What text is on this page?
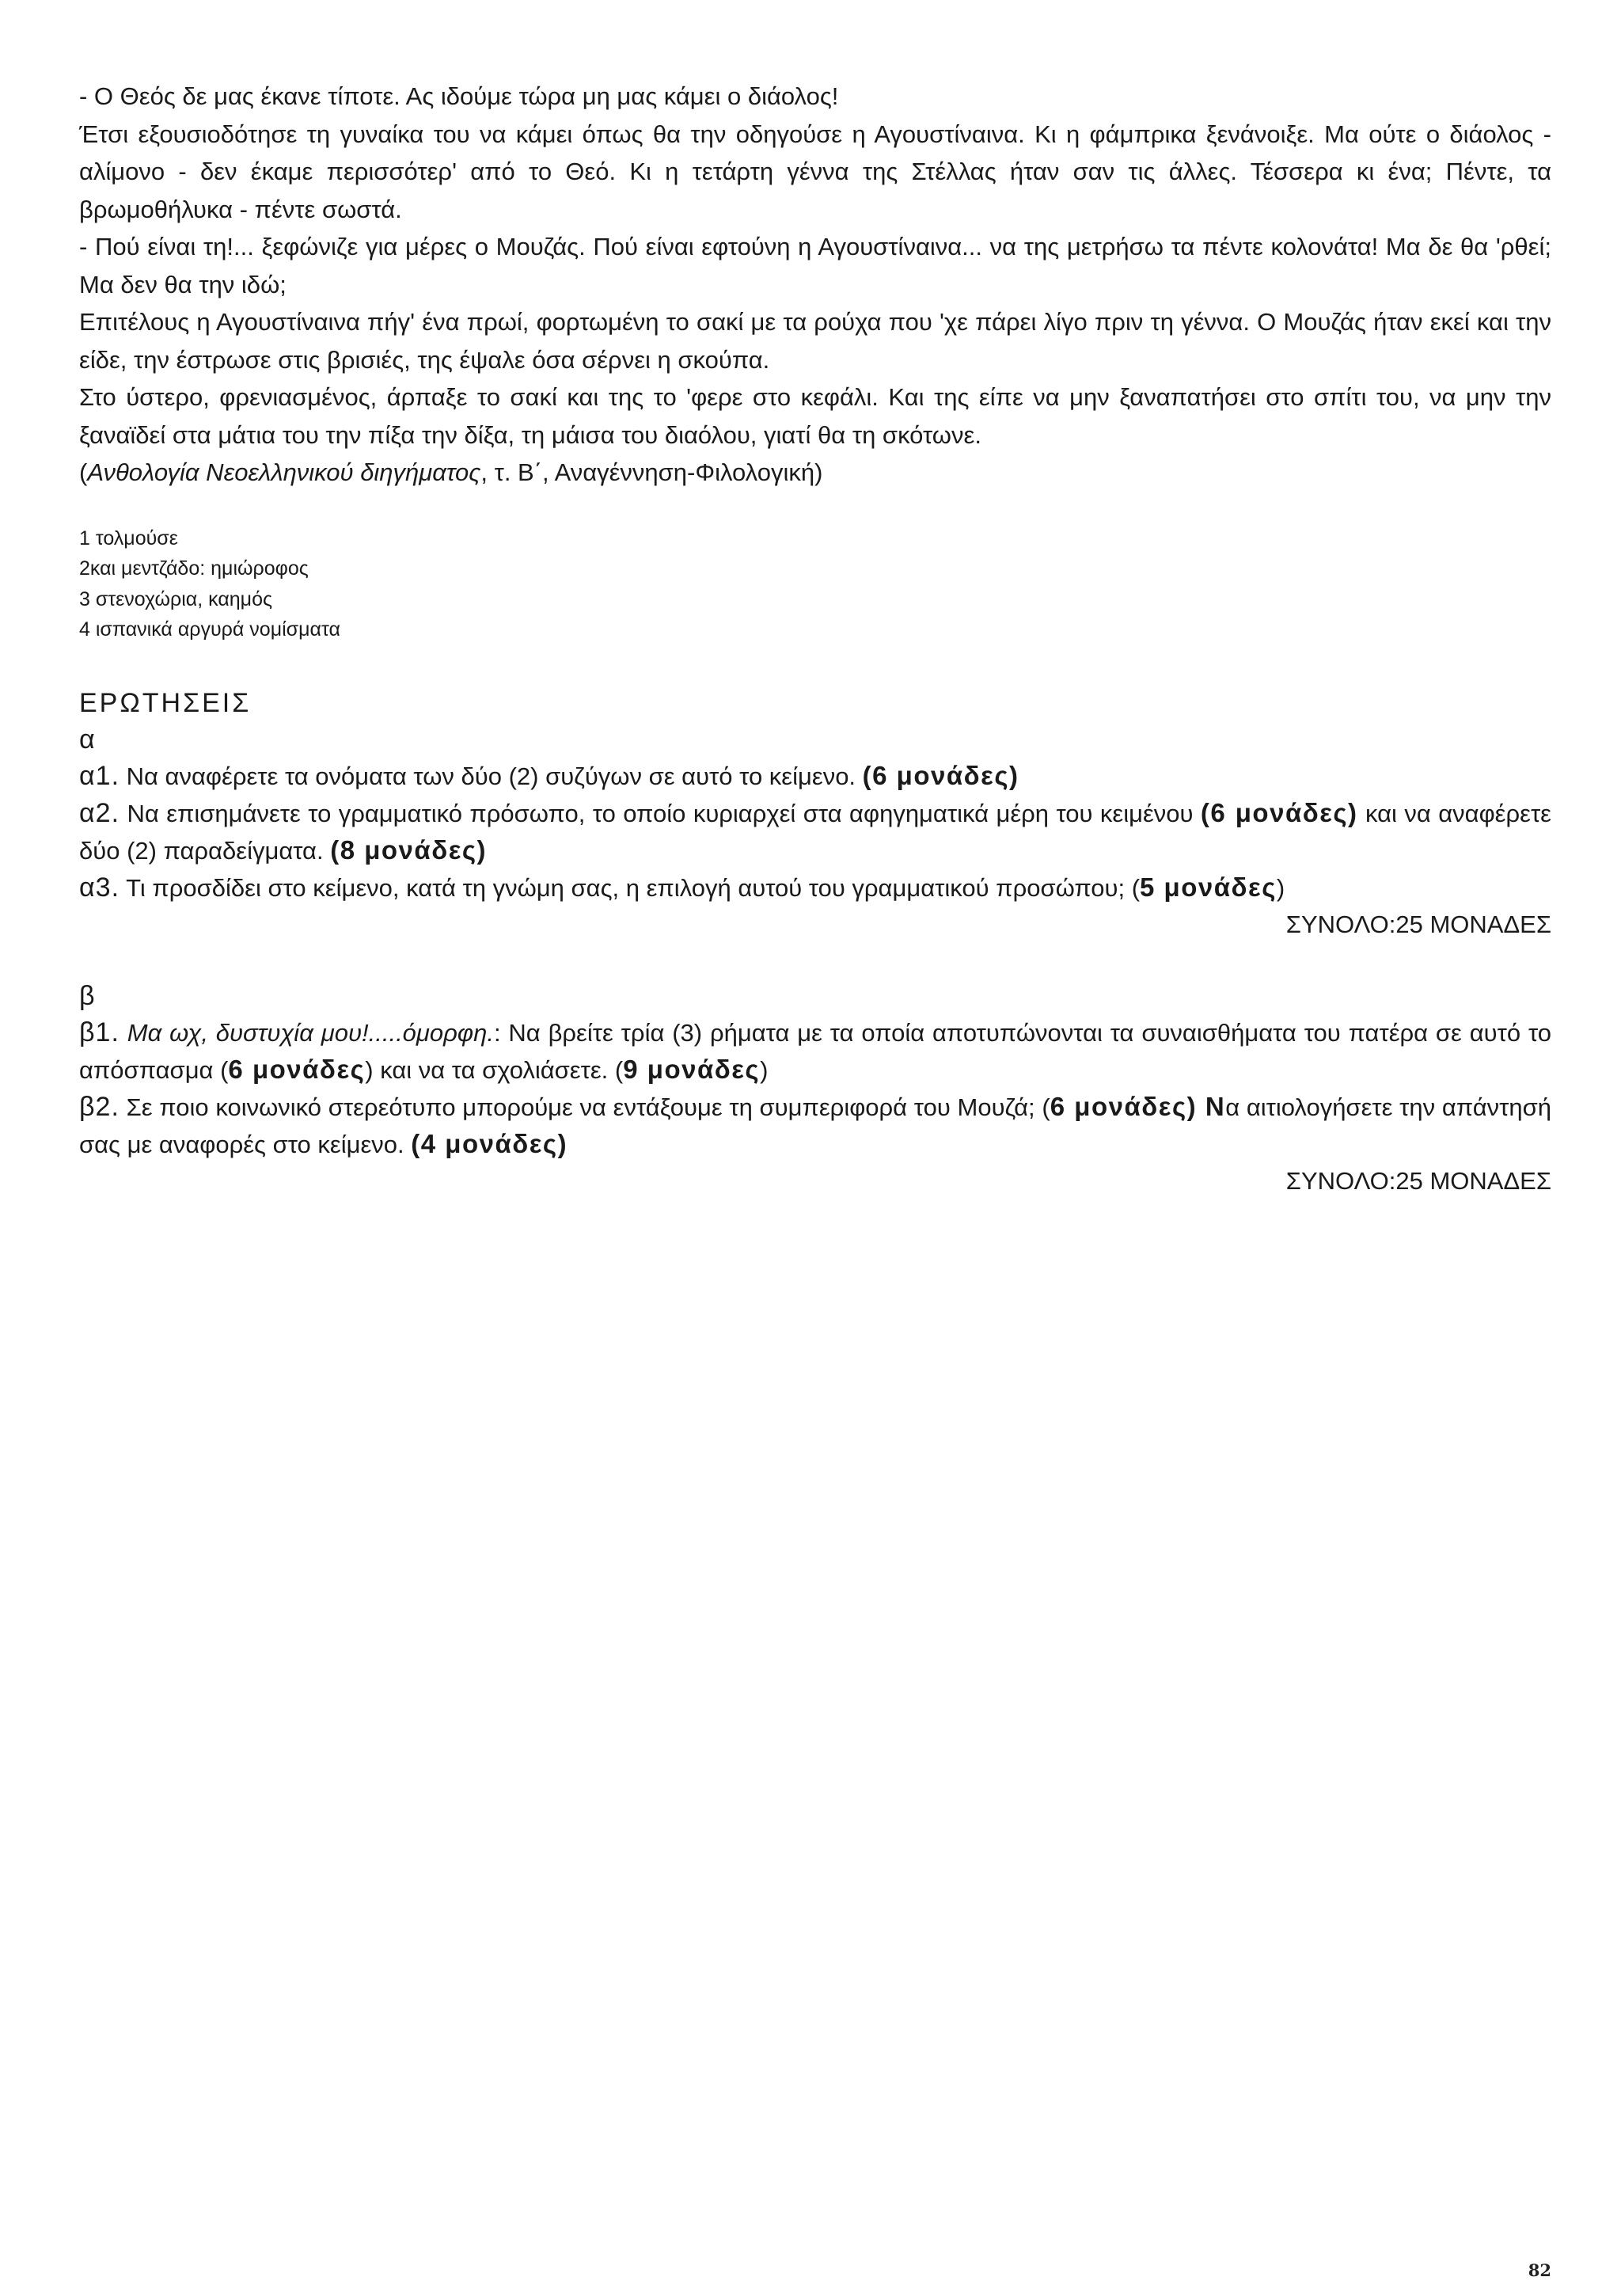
- Ο Θεός δε μας έκανε τίποτε. Ας ιδούμε τώρα μη μας κάμει ο διάολος!

Έτσι εξουσιοδότησε τη γυναίκα του να κάμει όπως θα την οδηγούσε η Αγουστίναινα. Κι η φάμπρικα ξενάνοιξε. Μα ούτε ο διάολος - αλίμονο - δεν έκαμε περισσότερ' από το Θεό. Κι η τετάρτη γέννα της Στέλλας ήταν σαν τις άλλες. Τέσσερα κι ένα; Πέντε, τα βρωμοθήλυκα - πέντε σωστά.

- Πού είναι τη!... ξεφώνιζε για μέρες ο Μουζάς. Πού είναι εφτούνη η Αγουστίναινα... να της μετρήσω τα πέντε κολονάτα! Μα δε θα 'ρθεί; Μα δεν θα την ιδώ;

Επιτέλους η Αγουστίναινα πήγ' ένα πρωί, φορτωμένη το σακί με τα ρούχα που 'χε πάρει λίγο πριν τη γέννα. Ο Μουζάς ήταν εκεί και την είδε, την έστρωσε στις βρισιές, της έψαλε όσα σέρνει η σκούπα.

Στο ύστερο, φρενιασμένος, άρπαξε το σακί και της το 'φερε στο κεφάλι. Και της είπε να μην ξαναπατήσει στο σπίτι του, να μην την ξαναϊδεί στα μάτια του την πίξα την δίξα, τη μάισα του διαόλου, γιατί θα τη σκότωνε.

(Ανθολογία Νεοελληνικού διηγήματος, τ. Β΄, Αναγέννηση-Φιλολογική)

1 τολμούσε

2και μεντζάδο: ημιώροφος

3 στενοχώρια, καημός

4 ισπανικά αργυρά νομίσματα

ΕΡΩΤΗΣΕΙΣ
α

α1. Να αναφέρετε τα ονόματα των δύο (2) συζύγων σε αυτό το κείμενο. (6 μονάδες)

α2. Να επισημάνετε το γραμματικό πρόσωπο, το οποίο κυριαρχεί στα αφηγηματικά μέρη του κειμένου (6 μονάδες) και να αναφέρετε δύο (2) παραδείγματα. (8 μονάδες)

α3. Τι προσδίδει στο κείμενο, κατά τη γνώμη σας, η επιλογή αυτού του γραμματικού προσώπου; (5 μονάδες)

ΣΥΝΟΛΟ:25 ΜΟΝΑΔΕΣ
β

β1. Μα ωχ, δυστυχία μου!.....όμορφη.: Να βρείτε τρία (3) ρήματα με τα οποία αποτυπώνονται τα συναισθήματα του πατέρα σε αυτό το απόσπασμα (6 μονάδες) και να τα σχολιάσετε. (9 μονάδες)

β2. Σε ποιο κοινωνικό στερεότυπο μπορούμε να εντάξουμε τη συμπεριφορά του Μουζά; (6 μονάδες) Να αιτιολογήσετε την απάντησή σας με αναφορές στο κείμενο. (4 μονάδες)

ΣΥΝΟΛΟ:25 ΜΟΝΑΔΕΣ
82
